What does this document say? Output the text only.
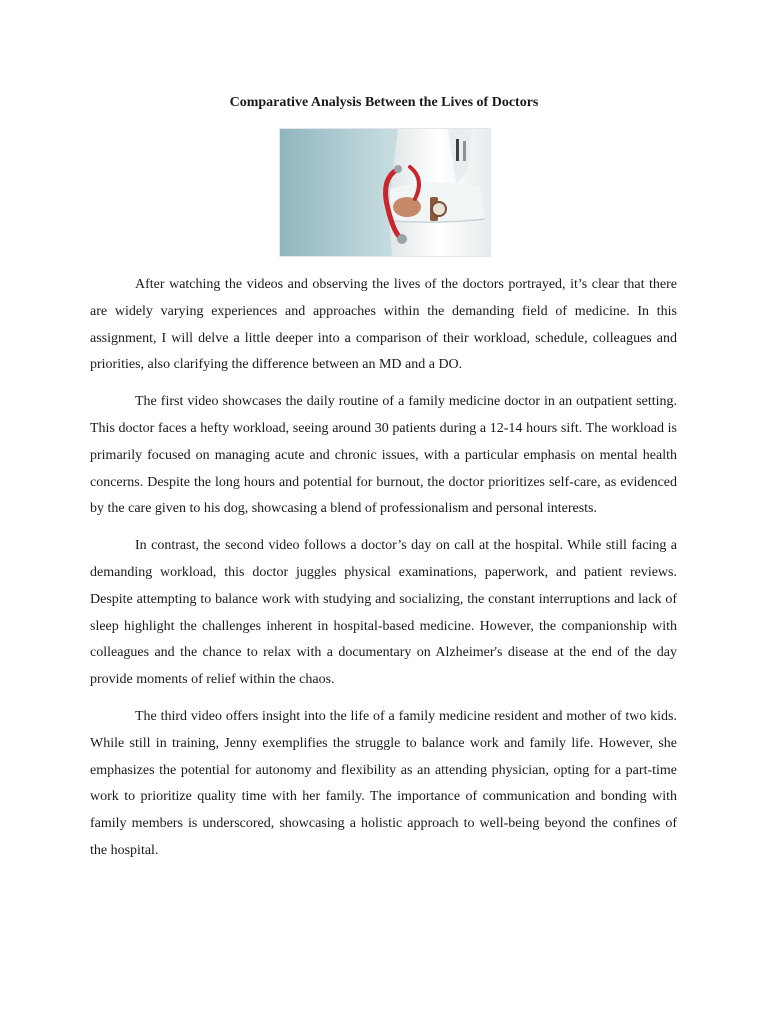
Comparative Analysis Between the Lives of Doctors

After watching the videos and observing the lives of the doctors portrayed, it’s clear that there are widely varying experiences and approaches within the demanding field of medicine. In this assignment, I will delve a little deeper into a comparison of their workload, schedule, colleagues and priorities, also clarifying the difference between an MD and a DO.

The first video showcases the daily routine of a family medicine doctor in an outpatient setting. This doctor faces a hefty workload, seeing around 30 patients during a 12-14 hours sift. The workload is primarily focused on managing acute and chronic issues, with a particular emphasis on mental health concerns. Despite the long hours and potential for burnout, the doctor prioritizes self-care, as evidenced by the care given to his dog, showcasing a blend of professionalism and personal interests.

In contrast, the second video follows a doctor’s day on call at the hospital. While still facing a demanding workload, this doctor juggles physical examinations, paperwork, and patient reviews. Despite attempting to balance work with studying and socializing, the constant interruptions and lack of sleep highlight the challenges inherent in hospital-based medicine. However, the companionship with colleagues and the chance to relax with a documentary on Alzheimer's disease at the end of the day provide moments of relief within the chaos.

The third video offers insight into the life of a family medicine resident and mother of two kids. While still in training, Jenny exemplifies the struggle to balance work and family life. However, she emphasizes the potential for autonomy and flexibility as an attending physician, opting for a part-time work to prioritize quality time with her family. The importance of communication and bonding with family members is underscored, showcasing a holistic approach to well-being beyond the confines of the hospital.
